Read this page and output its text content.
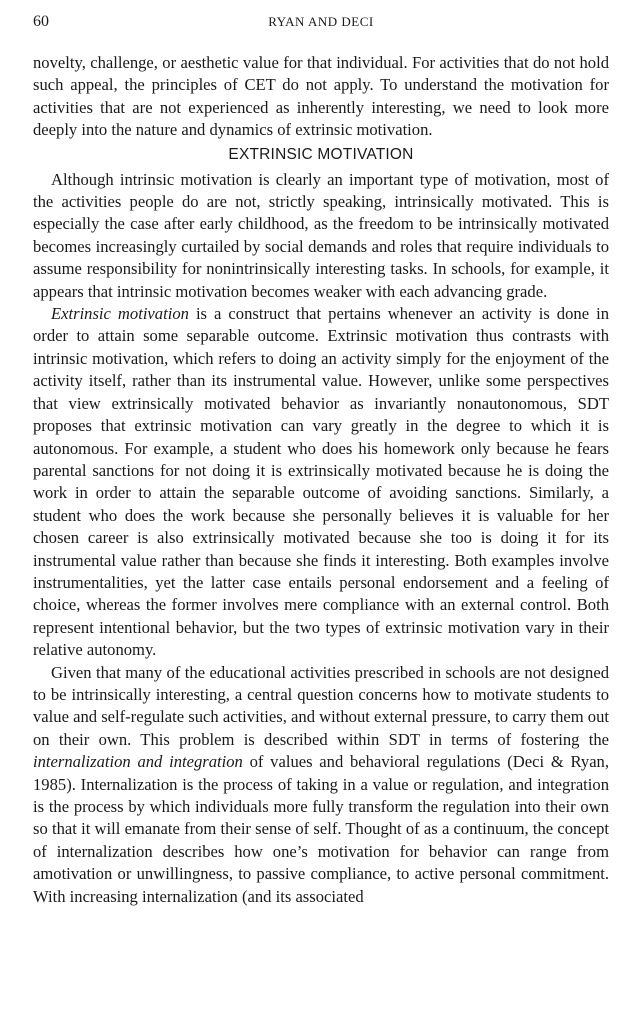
60	RYAN AND DECI

novelty, challenge, or aesthetic value for that individual. For activities that do not hold such appeal, the principles of CET do not apply. To understand the motivation for activities that are not experienced as inherently interesting, we need to look more deeply into the nature and dynamics of extrinsic motivation.

EXTRINSIC MOTIVATION

Although intrinsic motivation is clearly an important type of motivation, most of the activities people do are not, strictly speaking, intrinsically motivated. This is especially the case after early childhood, as the freedom to be intrinsically motivated becomes increasingly curtailed by social demands and roles that require individuals to assume responsibility for nonintrinsically interesting tasks. In schools, for example, it appears that intrinsic motivation becomes weaker with each advancing grade.

Extrinsic motivation is a construct that pertains whenever an activity is done in order to attain some separable outcome. Extrinsic motivation thus contrasts with intrinsic motivation, which refers to doing an activity simply for the enjoyment of the activity itself, rather than its instrumental value. However, unlike some perspectives that view extrinsically motivated behavior as invariantly nonautonomous, SDT proposes that extrinsic motivation can vary greatly in the degree to which it is autonomous. For example, a student who does his homework only because he fears parental sanctions for not doing it is extrinsically motivated because he is doing the work in order to attain the separable outcome of avoiding sanctions. Similarly, a student who does the work because she personally believes it is valuable for her chosen career is also extrinsically motivated because she too is doing it for its instrumental value rather than because she finds it interesting. Both examples involve instrumentalities, yet the latter case entails personal endorsement and a feeling of choice, whereas the former involves mere compliance with an external control. Both represent intentional behavior, but the two types of extrinsic motivation vary in their relative autonomy.

Given that many of the educational activities prescribed in schools are not designed to be intrinsically interesting, a central question concerns how to motivate students to value and self-regulate such activities, and without external pressure, to carry them out on their own. This problem is described within SDT in terms of fostering the internalization and integration of values and behavioral regulations (Deci & Ryan, 1985). Internalization is the process of taking in a value or regulation, and integration is the process by which individuals more fully transform the regulation into their own so that it will emanate from their sense of self. Thought of as a continuum, the concept of internalization describes how one’s motivation for behavior can range from amotivation or unwillingness, to passive compliance, to active personal commitment. With increasing internalization (and its associated
